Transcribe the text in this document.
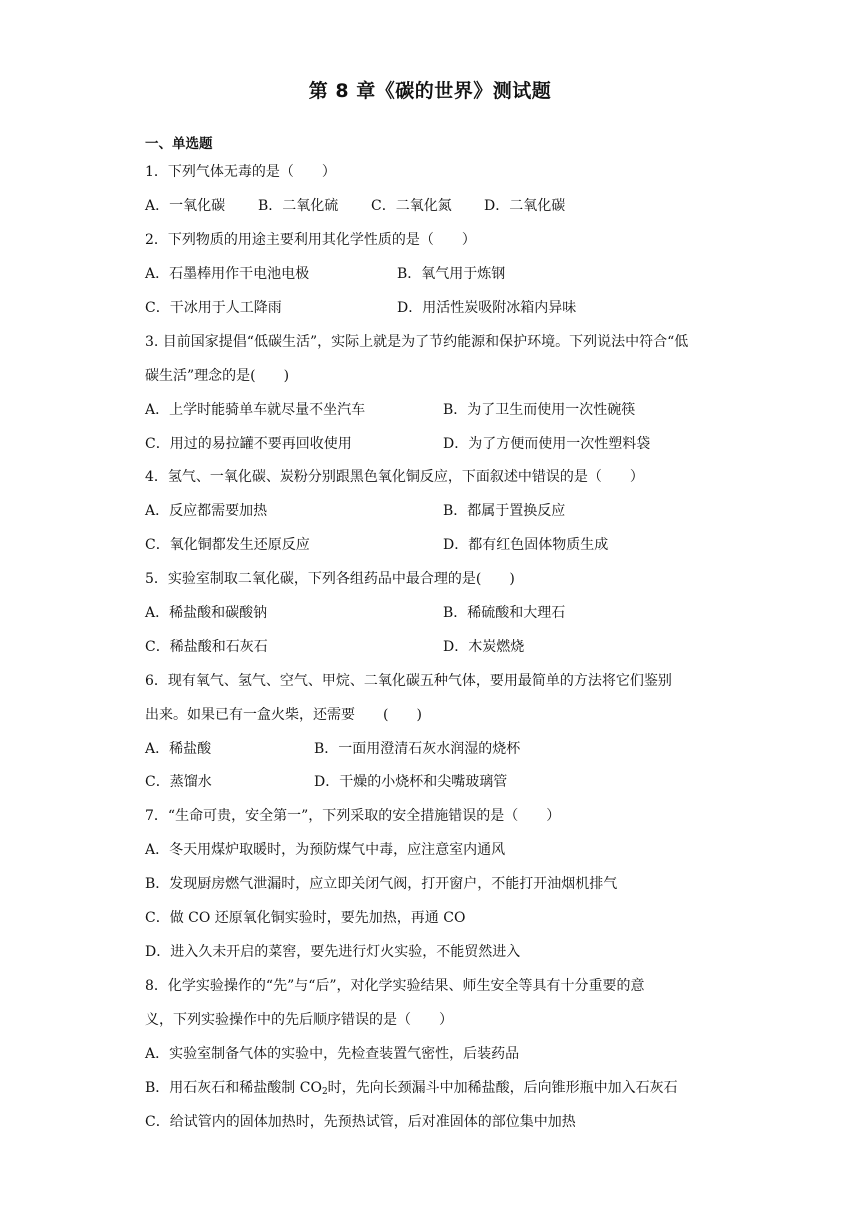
第 8 章《碳的世界》测试题
一、单选题
1．下列气体无毒的是（　　）
A．一氧化碳 B．二氧化硫 C．二氧化氮 D．二氧化碳
2．下列物质的用途主要利用其化学性质的是（　　）
A．石墨棒用作干电池电极	B．氧气用于炼钢
C．干冰用于人工降雨	D．用活性炭吸附冰箱内异味
3. 目前国家提倡“低碳生活”，实际上就是为了节约能源和保护环境。下列说法中符合“低
碳生活”理念的是(　　)
A．上学时能骑单车就尽量不坐汽车	B．为了卫生而使用一次性碗筷
C．用过的易拉罐不要再回收使用	D．为了方便而使用一次性塑料袋
4．氢气、一氧化碳、炭粉分别跟黑色氧化铜反应，下面叙述中错误的是（　　）
A．反应都需要加热	B．都属于置换反应
C．氧化铜都发生还原反应	D．都有红色固体物质生成
5．实验室制取二氧化碳，下列各组药品中最合理的是(　　)
A．稀盐酸和碳酸钠	B．稀硫酸和大理石
C．稀盐酸和石灰石	D．木炭燃烧
6．现有氧气、氢气、空气、甲烷、二氧化碳五种气体，要用最简单的方法将它们鉴别
出来。如果已有一盒火柴，还需要　　(　　)
A．稀盐酸	B．一面用澄清石灰水润湿的烧杯
C．蒸馏水	D．干燥的小烧杯和尖嘴玻璃管
7．“生命可贵，安全第一”，下列采取的安全措施错误的是（　　）
A．冬天用煤炉取暖时，为预防煤气中毒，应注意室内通风
B．发现厨房燃气泄漏时，应立即关闭气阀，打开窗户，不能打开油烟机排气
C．做 CO 还原氧化铜实验时，要先加热，再通 CO
D．进入久未开启的菜窖，要先进行灯火实验，不能贸然进入
8．化学实验操作的“先”与“后”，对化学实验结果、师生安全等具有十分重要的意
义，下列实验操作中的先后顺序错误的是（　　）
A．实验室制备气体的实验中，先检查装置气密性，后装药品
B．用石灰石和稀盐酸制 $CO_2$时，先向长颈漏斗中加稀盐酸，后向锥形瓶中加入石灰石
C．给试管内的固体加热时，先预热试管，后对准固体的部位集中加热
